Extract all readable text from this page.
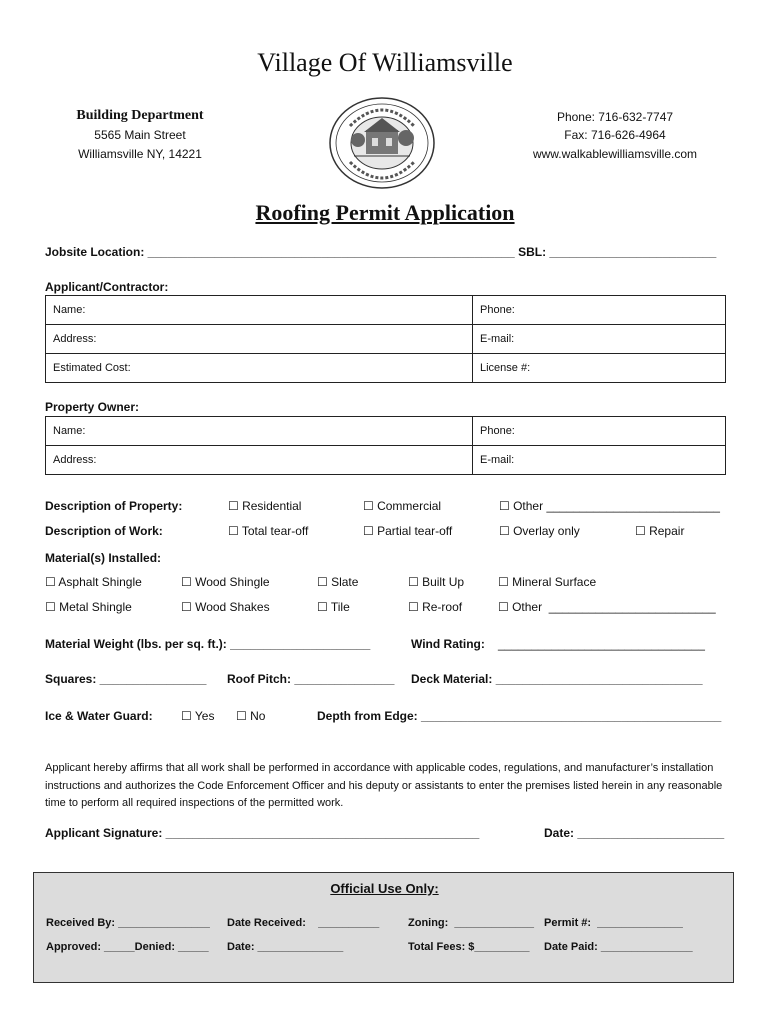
Village Of Williamsville
Building Department
5565 Main Street
Williamsville NY, 14221
Phone: 716-632-7747
Fax: 716-626-4964
www.walkablewilliamsville.com
Roofing Permit Application
Jobsite Location: _______________________________________________________ SBL: _________________________
Applicant/Contractor:
Name:	Phone:
Address:	E-mail:
Estimated Cost:	License #:
Property Owner:
Name:	Phone:
Address:	E-mail:
Description of Property:	☐ Residential	☐ Commercial	☐ Other __________________________
Description of Work:	☐ Total tear-off	☐ Partial tear-off	☐ Overlay only	☐ Repair
Material(s) Installed:
☐ Asphalt Shingle	☐ Wood Shingle	☐ Slate	☐ Built Up	☐ Mineral Surface
☐ Metal Shingle	☐ Wood Shakes	☐ Tile	☐ Re-roof	☐ Other  _________________________
Material Weight (lbs. per sq. ft.): _____________________	Wind Rating: _______________________________
Squares: ________________ Roof Pitch: _______________ Deck Material: _______________________________
Ice & Water Guard: ☐ Yes ☐ No	Depth from Edge: _____________________________________________
Applicant hereby affirms that all work shall be performed in accordance with applicable codes, regulations, and manufacturer’s installation instructions and authorizes the Code Enforcement Officer and his deputy or assistants to enter the premises listed herein in any reasonable time to perform all required inspections of the permitted work.
Applicant Signature: _______________________________________________	Date: ______________________
Official Use Only:
Received By: _______________ Date Received:    __________	Zoning:  _____________ Permit #:  ______________
Approved: _____Denied: _____ Date: ______________	Total Fees: $_________ Date Paid: _______________
